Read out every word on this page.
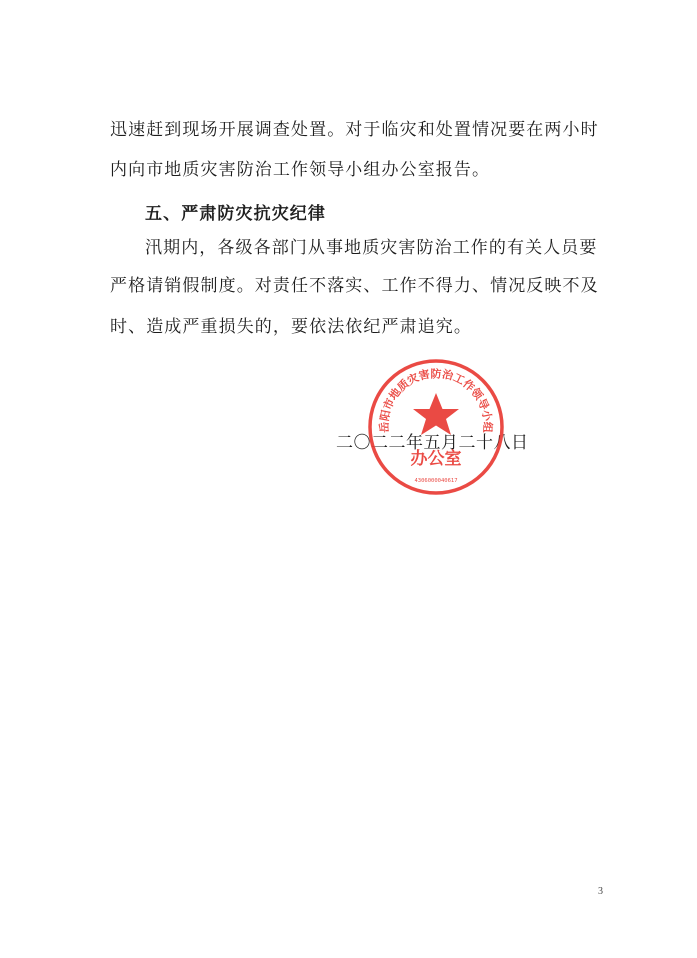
迅速赶到现场开展调查处置。对于临灾和处置情况要在两小时
内向市地质灾害防治工作领导小组办公室报告。
五、严肃防灾抗灾纪律
汛期内，各级各部门从事地质灾害防治工作的有关人员要
严格请销假制度。对责任不落实、工作不得力、情况反映不及
时、造成严重损失的，要依法依纪严肃追究。
二〇二二年五月二十八日
岳阳市地质灾害防治工作领导小组
办公室
4306000040617
3
